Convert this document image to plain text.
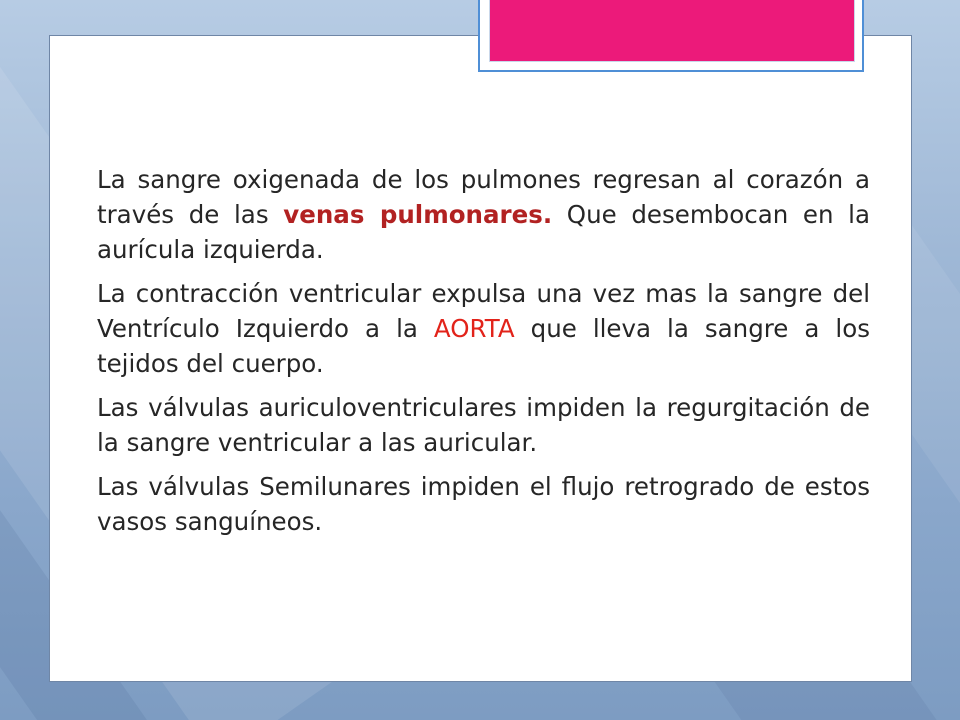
La sangre oxigenada de los pulmones regresan al corazón a través de las venas pulmonares. Que desembocan en la aurícula izquierda.

La contracción ventricular expulsa una vez mas la sangre del Ventrículo Izquierdo a la AORTA que lleva la sangre a los tejidos del cuerpo.

Las válvulas auriculoventriculares impiden la regurgitación de la sangre ventricular a las auricular.

Las válvulas Semilunares impiden el flujo retrogrado de estos vasos sanguíneos.
